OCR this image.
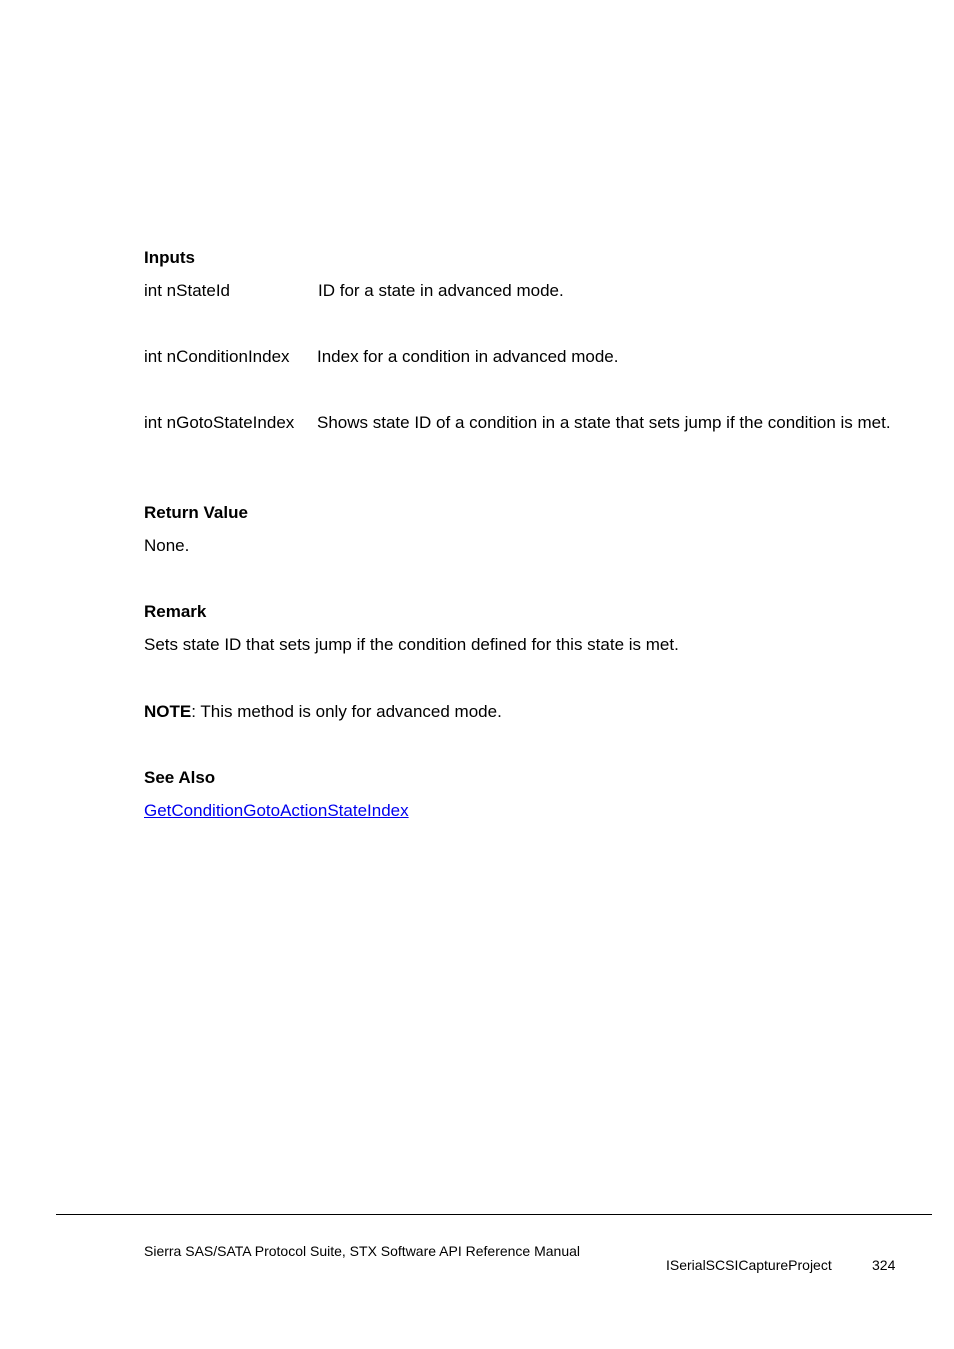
Inputs
int nStateId	ID for a state in advanced mode.
int nConditionIndex Index for a condition in advanced mode.
int nGotoStateIndex Shows state ID of a condition in a state that sets jump if the condition is met.
Return Value
None.
Remark
Sets state ID that sets jump if the condition defined for this state is met.
NOTE: This method is only for advanced mode.
See Also
GetConditionGotoActionStateIndex
Sierra SAS/SATA Protocol Suite, STX Software API Reference Manual
ISerialSCSICaptureProject	324
